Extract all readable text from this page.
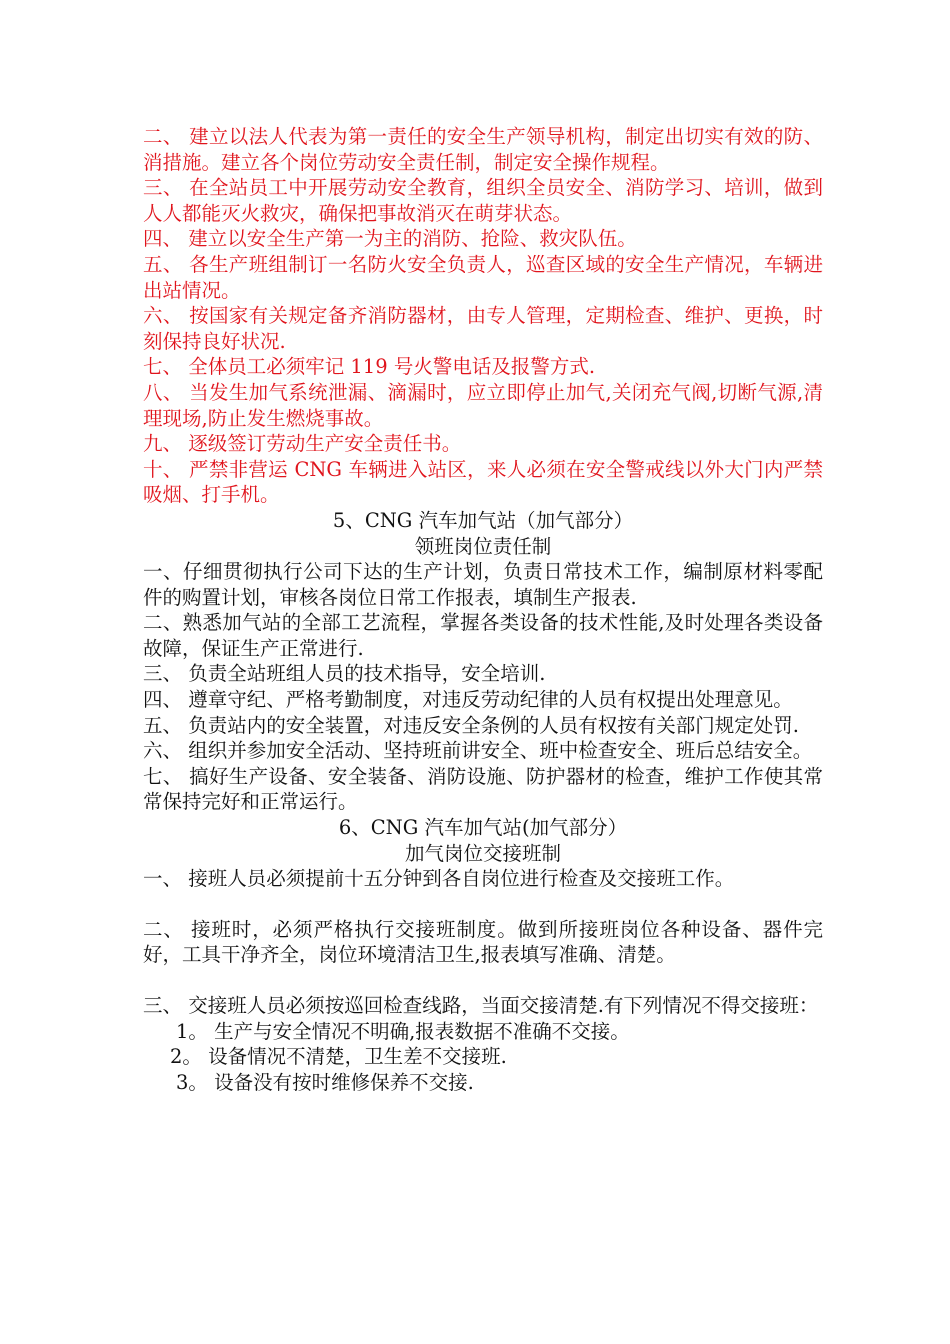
二、 建立以法人代表为第一责任的安全生产领导机构，制定出切实有效的防、消措施。建立各个岗位劳动安全责任制，制定安全操作规程。

三、 在全站员工中开展劳动安全教育，组织全员安全、消防学习、培训，做到人人都能灭火救灾，确保把事故消灭在萌芽状态。

四、 建立以安全生产第一为主的消防、抢险、救灾队伍。

五、 各生产班组制订一名防火安全负责人，巡查区域的安全生产情况，车辆进出站情况。

六、 按国家有关规定备齐消防器材，由专人管理，定期检查、维护、更换，时刻保持良好状况.

七、 全体员工必须牢记 119 号火警电话及报警方式.

八、 当发生加气系统泄漏、滴漏时，应立即停止加气,关闭充气阀,切断气源,清理现场,防止发生燃烧事故。

九、 逐级签订劳动生产安全责任书。

十、 严禁非营运 CNG 车辆进入站区，来人必须在安全警戒线以外大门内严禁吸烟、打手机。

5、CNG 汽车加气站（加气部分）

领班岗位责任制

一、仔细贯彻执行公司下达的生产计划，负责日常技术工作，编制原材料零配件的购置计划，审核各岗位日常工作报表，填制生产报表.

二、熟悉加气站的全部工艺流程，掌握各类设备的技术性能,及时处理各类设备故障，保证生产正常进行.

三、 负责全站班组人员的技术指导，安全培训.

四、 遵章守纪、严格考勤制度，对违反劳动纪律的人员有权提出处理意见。

五、 负责站内的安全装置，对违反安全条例的人员有权按有关部门规定处罚.

六、 组织并参加安全活动、坚持班前讲安全、班中检查安全、班后总结安全。

七、 搞好生产设备、安全装备、消防设施、防护器材的检查，维护工作使其常常保持完好和正常运行。

6、CNG 汽车加气站(加气部分）

加气岗位交接班制

一、 接班人员必须提前十五分钟到各自岗位进行检查及交接班工作。

二、 接班时，必须严格执行交接班制度。做到所接班岗位各种设备、器件完好，工具干净齐全，岗位环境清洁卫生,报表填写准确、清楚。

三、 交接班人员必须按巡回检查线路，当面交接清楚.有下列情况不得交接班：

1。 生产与安全情况不明确,报表数据不准确不交接。

2。 设备情况不清楚，卫生差不交接班.

3。 设备没有按时维修保养不交接.
